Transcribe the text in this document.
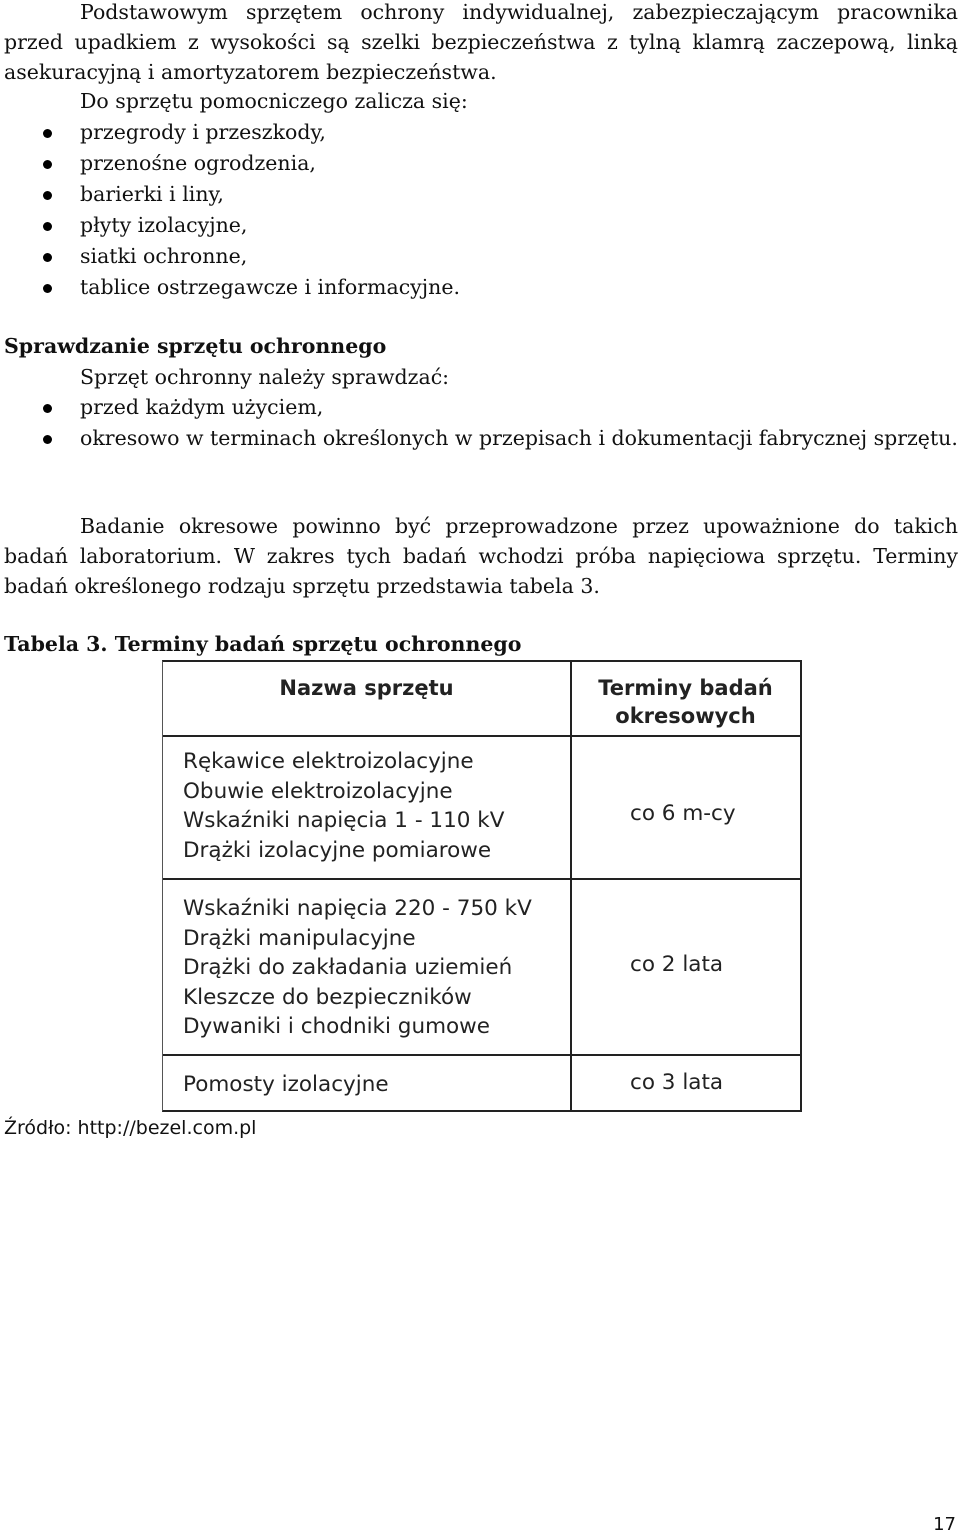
Podstawowym sprzętem ochrony indywidualnej, zabezpieczającym pracownika przed upadkiem z wysokości są szelki bezpieczeństwa z tylną klamrą zaczepową, linką asekuracyjną i amortyzatorem bezpieczeństwa.

Do sprzętu pomocniczego zalicza się:

przegrody i przeszkody,
przenośne ogrodzenia,
barierki i liny,
płyty izolacyjne,
siatki ochronne,
tablice ostrzegawcze i informacyjne.
Sprawdzanie sprzętu ochronnego

Sprzęt ochronny należy sprawdzać:

przed każdym użyciem,
okresowo w terminach określonych w przepisach i dokumentacji fabrycznej sprzętu.

Badanie okresowe powinno być przeprowadzone przez upoważnione do takich badań laboratorium. W zakres tych badań wchodzi próba napięciowa sprzętu. Terminy badań określonego rodzaju sprzętu przedstawia tabela 3.

Tabela 3. Terminy badań sprzętu ochronnego
Nazwa sprzętu	Terminy badań okresowych
Rękawice elektroizolacyjne
Obuwie elektroizolacyjne
Wskaźniki napięcia 1 - 110 kV
Drążki izolacyjne pomiarowe
co 6 m-cy
Wskaźniki napięcia 220 - 750 kV
Drążki manipulacyjne
Drążki do zakładania uziemień
Kleszcze do bezpieczników
Dywaniki i chodniki gumowe
co 2 lata
Pomosty izolacyjne	co 3 lata
Źródło: http://bezel.com.pl
17
